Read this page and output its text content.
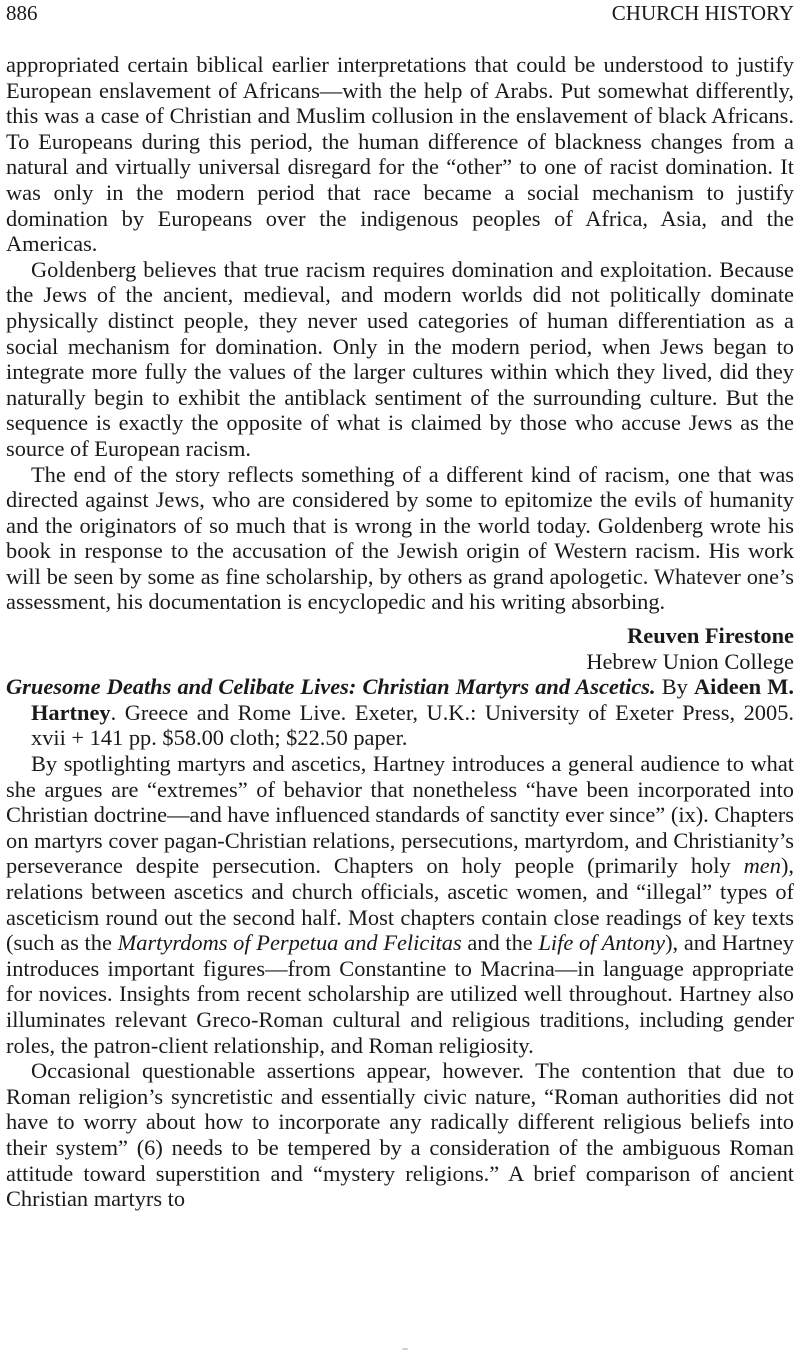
886	CHURCH HISTORY

appropriated certain biblical earlier interpretations that could be understood to justify European enslavement of Africans—with the help of Arabs. Put somewhat differently, this was a case of Christian and Muslim collusion in the enslavement of black Africans. To Europeans during this period, the human difference of blackness changes from a natural and virtually universal disregard for the “other” to one of racist domination. It was only in the modern period that race became a social mechanism to justify domination by Europeans over the indigenous peoples of Africa, Asia, and the Americas.

Goldenberg believes that true racism requires domination and exploitation. Because the Jews of the ancient, medieval, and modern worlds did not politically dominate physically distinct people, they never used categories of human differentiation as a social mechanism for domination. Only in the modern period, when Jews began to integrate more fully the values of the larger cultures within which they lived, did they naturally begin to exhibit the antiblack sentiment of the surrounding culture. But the sequence is exactly the opposite of what is claimed by those who accuse Jews as the source of European racism.

The end of the story reflects something of a different kind of racism, one that was directed against Jews, who are considered by some to epitomize the evils of humanity and the originators of so much that is wrong in the world today. Goldenberg wrote his book in response to the accusation of the Jewish origin of Western racism. His work will be seen by some as fine scholarship, by others as grand apologetic. Whatever one’s assessment, his documentation is encyclopedic and his writing absorbing.

Reuven Firestone
Hebrew Union College

Gruesome Deaths and Celibate Lives: Christian Martyrs and Ascetics. By Aideen M. Hartney. Greece and Rome Live. Exeter, U.K.: University of Exeter Press, 2005. xvii + 141 pp. $58.00 cloth; $22.50 paper.

By spotlighting martyrs and ascetics, Hartney introduces a general audience to what she argues are “extremes” of behavior that nonetheless “have been incorporated into Christian doctrine—and have influenced standards of sanctity ever since” (ix). Chapters on martyrs cover pagan-Christian relations, persecutions, martyrdom, and Christianity’s perseverance despite persecution. Chapters on holy people (primarily holy men), relations between ascetics and church officials, ascetic women, and “illegal” types of asceticism round out the second half. Most chapters contain close readings of key texts (such as the Martyrdoms of Perpetua and Felicitas and the Life of Antony), and Hartney introduces important figures—from Constantine to Macrina—in language appropriate for novices. Insights from recent scholarship are utilized well throughout. Hartney also illuminates relevant Greco-Roman cultural and religious traditions, including gender roles, the patron-client relationship, and Roman religiosity.

Occasional questionable assertions appear, however. The contention that due to Roman religion’s syncretistic and essentially civic nature, “Roman authorities did not have to worry about how to incorporate any radically different religious beliefs into their system” (6) needs to be tempered by a consideration of the ambiguous Roman attitude toward superstition and “mystery religions.” A brief comparison of ancient Christian martyrs to
